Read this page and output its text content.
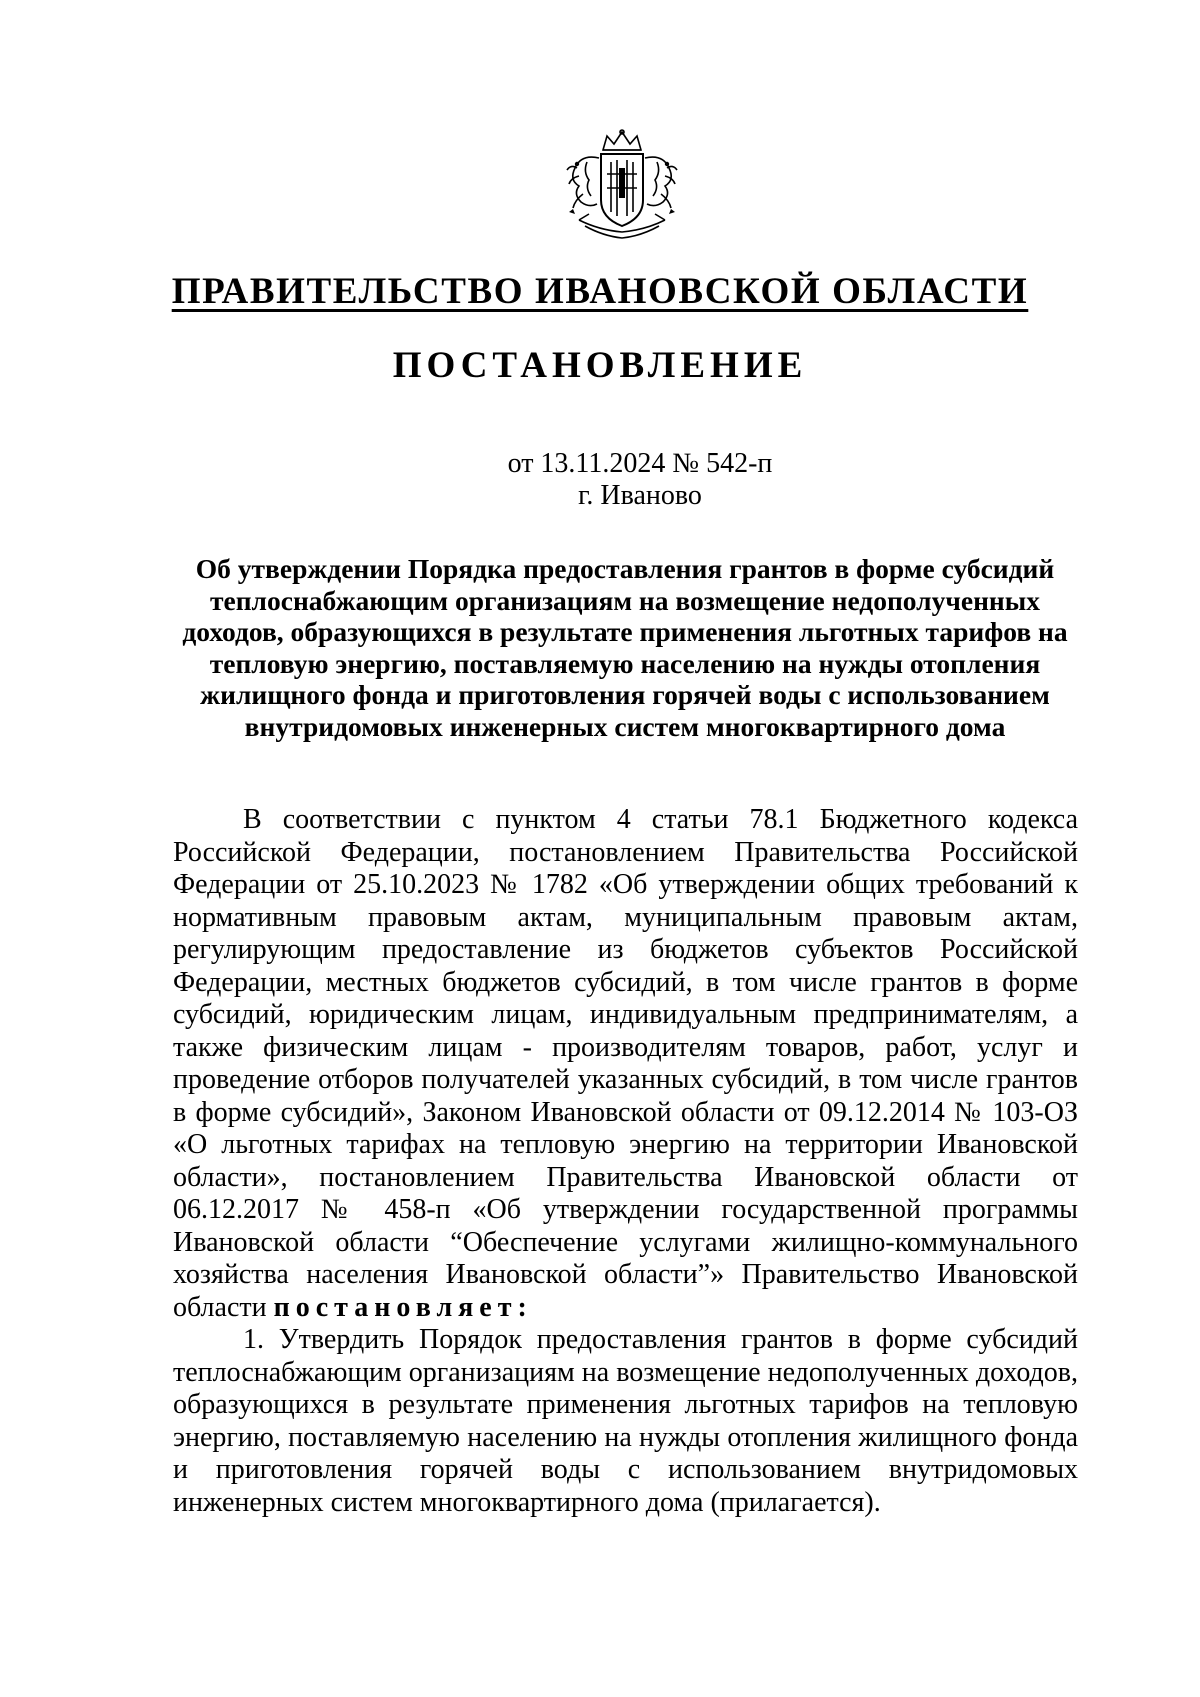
ПРАВИТЕЛЬСТВО ИВАНОВСКОЙ ОБЛАСТИ
ПОСТАНОВЛЕНИЕ
от 13.11.2024 № 542-п
г. Иваново
Об утверждении Порядка предоставления грантов в форме субсидий теплоснабжающим организациям на возмещение недополученных доходов, образующихся в результате применения льготных тарифов на тепловую энергию, поставляемую населению на нужды отопления жилищного фонда и приготовления горячей воды с использованием внутридомовых инженерных систем многоквартирного дома

В соответствии с пунктом 4 статьи 78.1 Бюджетного кодекса Российской Федерации, постановлением Правительства Российской Федерации от 25.10.2023 № 1782 «Об утверждении общих требований к нормативным правовым актам, муниципальным правовым актам, регулирующим предоставление из бюджетов субъектов Российской Федерации, местных бюджетов субсидий, в том числе грантов в форме субсидий, юридическим лицам, индивидуальным предпринимателям, а также физическим лицам - производителям товаров, работ, услуг и проведение отборов получателей указанных субсидий, в том числе грантов в форме субсидий», Законом Ивановской области от 09.12.2014 № 103-ОЗ «О льготных тарифах на тепловую энергию на территории Ивановской области», постановлением Правительства Ивановской области от 06.12.2017 № 458-п «Об утверждении государственной программы Ивановской области “Обеспечение услугами жилищно-коммунального хозяйства населения Ивановской области”» Правительство Ивановской области постановляет:

1. Утвердить Порядок предоставления грантов в форме субсидий теплоснабжающим организациям на возмещение недополученных доходов, образующихся в результате применения льготных тарифов на тепловую энергию, поставляемую населению на нужды отопления жилищного фонда и приготовления горячей воды с использованием внутридомовых инженерных систем многоквартирного дома (прилагается).
